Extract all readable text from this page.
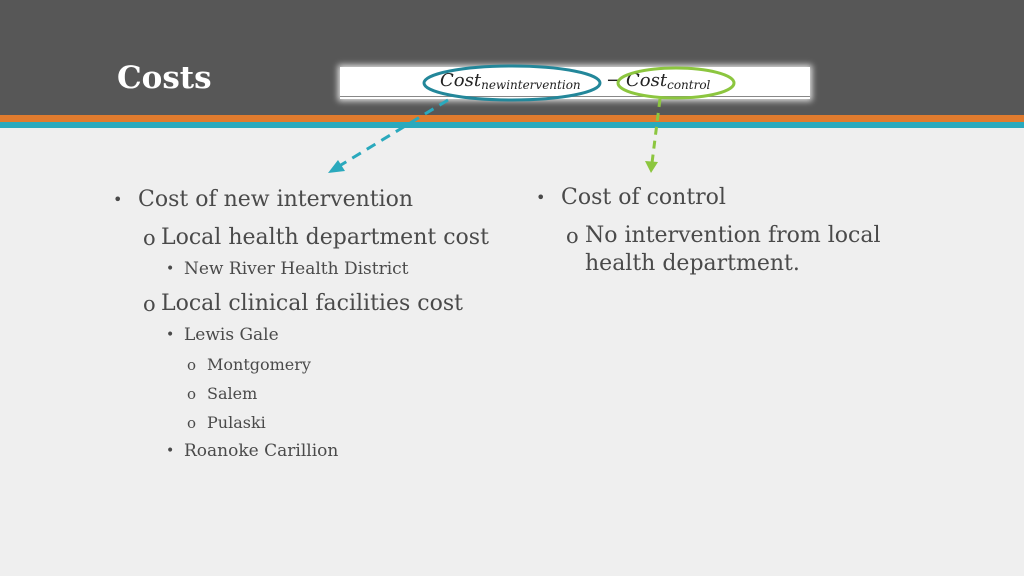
Costs	Cost$_{newintervention}$ − Cost$_{control}$
• Cost of new intervention
o Local health department cost
• New River Health District
o Local clinical facilities cost
• Lewis Gale
o Montgomery
o Salem
o Pulaski
• Roanoke Carillion
• Cost of control
o No intervention from local
health department.
